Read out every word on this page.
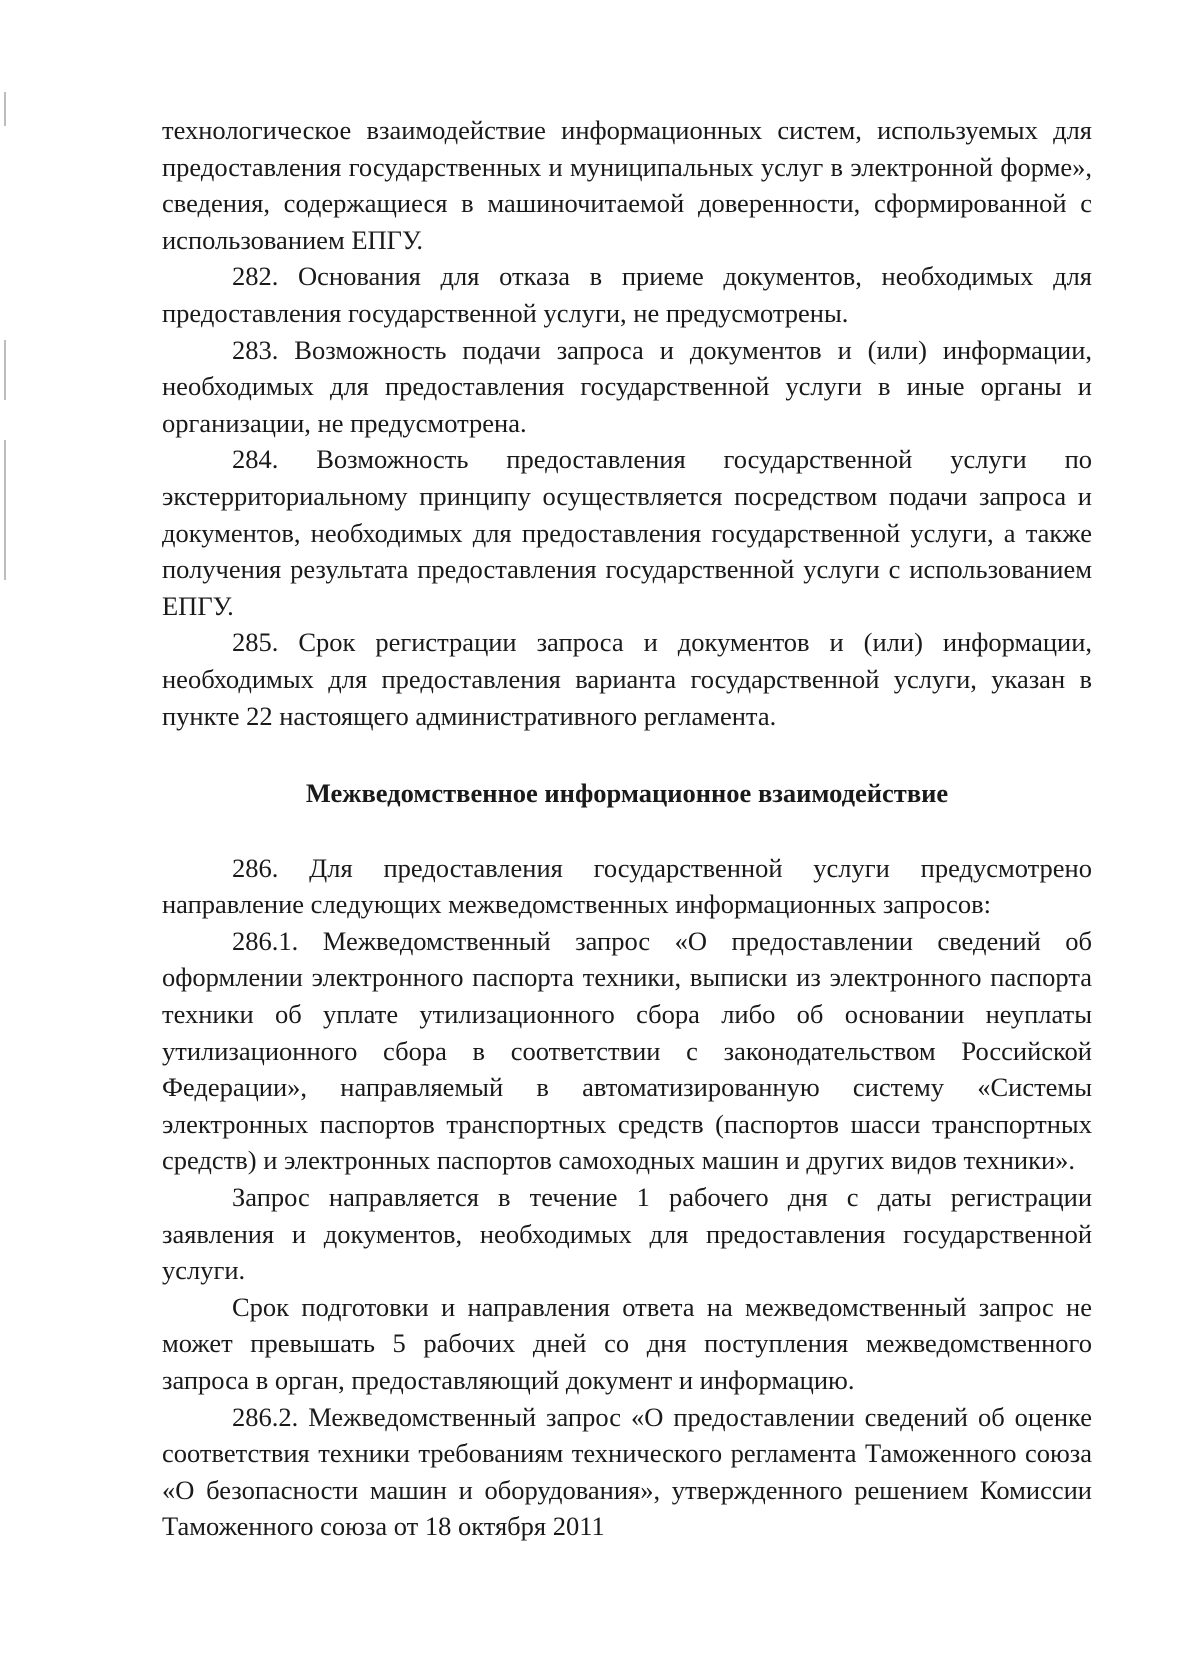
технологическое взаимодействие информационных систем, используемых для предоставления государственных и муниципальных услуг в электронной форме», сведения, содержащиеся в машиночитаемой доверенности, сформированной с использованием ЕПГУ.

282. Основания для отказа в приеме документов, необходимых для предоставления государственной услуги, не предусмотрены.

283. Возможность подачи запроса и документов и (или) информации, необходимых для предоставления государственной услуги в иные органы и организации, не предусмотрена.

284. Возможность предоставления государственной услуги по экстерриториальному принципу осуществляется посредством подачи запроса и документов, необходимых для предоставления государственной услуги, а также получения результата предоставления государственной услуги с использованием ЕПГУ.

285. Срок регистрации запроса и документов и (или) информации, необходимых для предоставления варианта государственной услуги, указан в пункте 22 настоящего административного регламента.

Межведомственное информационное взаимодействие

286. Для предоставления государственной услуги предусмотрено направление следующих межведомственных информационных запросов:

286.1. Межведомственный запрос «О предоставлении сведений об оформлении электронного паспорта техники, выписки из электронного паспорта техники об уплате утилизационного сбора либо об основании неуплаты утилизационного сбора в соответствии с законодательством Российской Федерации», направляемый в автоматизированную систему «Системы электронных паспортов транспортных средств (паспортов шасси транспортных средств) и электронных паспортов самоходных машин и других видов техники».

Запрос направляется в течение 1 рабочего дня с даты регистрации заявления и документов, необходимых для предоставления государственной услуги.

Срок подготовки и направления ответа на межведомственный запрос не может превышать 5 рабочих дней со дня поступления межведомственного запроса в орган, предоставляющий документ и информацию.

286.2. Межведомственный запрос «О предоставлении сведений об оценке соответствия техники требованиям технического регламента Таможенного союза «О безопасности машин и оборудования», утвержденного решением Комиссии Таможенного союза от 18 октября 2011
